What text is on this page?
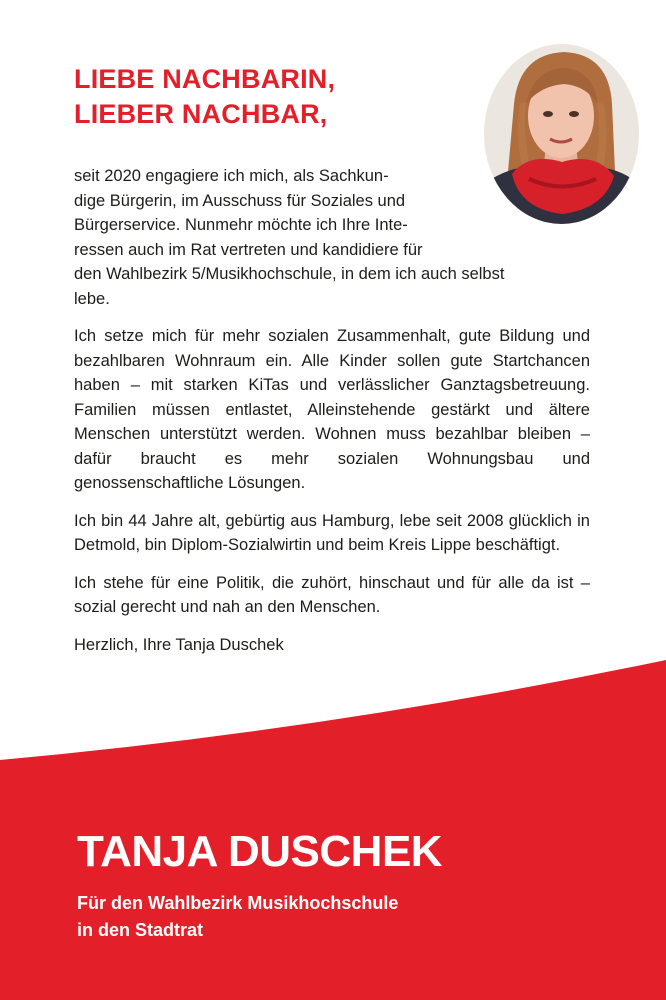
LIEBE NACHBARIN,
LIEBER NACHBAR,

seit 2020 engagiere ich mich, als Sachkun-
dige Bürgerin, im Ausschuss für Soziales und
Bürgerservice. Nunmehr möchte ich Ihre Inte-
ressen auch im Rat vertreten und kandidiere für
den Wahlbezirk 5/Musikhochschule, in dem ich auch selbst
lebe.

Ich setze mich für mehr sozialen Zusammenhalt, gute Bildung und bezahlbaren Wohnraum ein. Alle Kinder sollen gute Startchancen haben – mit starken KiTas und verlässlicher Ganztagsbetreuung. Familien müssen entlastet, Alleinstehende gestärkt und ältere Menschen unterstützt werden. Wohnen muss bezahlbar bleiben – dafür braucht es mehr sozialen Wohnungsbau und genossenschaftliche Lösungen.

Ich bin 44 Jahre alt, gebürtig aus Hamburg, lebe seit 2008 glücklich in Detmold, bin Diplom-Sozialwirtin und beim Kreis Lippe beschäftigt.

Ich stehe für eine Politik, die zuhört, hinschaut und für alle da ist – sozial gerecht und nah an den Menschen.

Herzlich, Ihre Tanja Duschek

TANJA DUSCHEK

Für den Wahlbezirk Musikhochschule
in den Stadtrat
